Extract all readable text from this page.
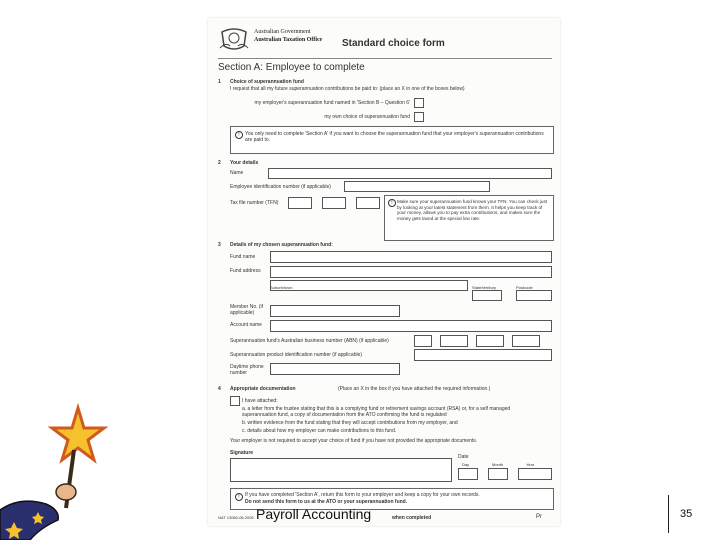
Australian Government
Australian Taxation Office Standard choice form
Section A: Employee to complete
1 Choice of superannuation fund
I request that all my future superannuation contributions be paid to: (place an X in one of the boxes below)
my employer's superannuation fund named in 'Section B – Question 6'
my own choice of superannuation fund
!	You only need to complete 'Section A' if you want to choose the superannuation fund that your employer's superannuation contributions are paid to.
2 Your details
Name
Employee identification number (if applicable)
Tax file number (TFN)	! Make sure your superannuation fund knows your TFN. You can check just by looking at your latest statement from them. It helps you keep track of your money, allows you to pay extra contributions, and makes sure the money gets taxed at the special low rate.
3 Details of my chosen superannuation fund:
Fund name
Fund address
Suburb/town	State/territory	Postcode
Member No. (if applicable)
Account name
Superannuation fund's Australian business number (ABN) (if applicable)
Superannuation product identification number (if applicable)
Daytime phone number
4 Appropriate documentation	(Place an X in the box if you have attached the required information.)
I have attached:
a. a letter from the trustee stating that this is a complying fund or retirement savings account (RSA) or, for a self managed superannuation fund, a copy of documentation from the ATO confirming the fund is regulated
b. written evidence from the fund stating that they will accept contributions from my employer, and
c. details about how my employer can make contributions to this fund.
Your employer is not required to accept your choice of fund if you have not provided the appropriate documents.
Signature
Date
Day	Month	Year
!	If you have completed 'Section A', return this form to your employer and keep a copy for your own records.
Do not send this form to us at the ATO or your superannuation fund.
NAT 13080-06.2005	when completed	Pr
Payroll Accounting	35
